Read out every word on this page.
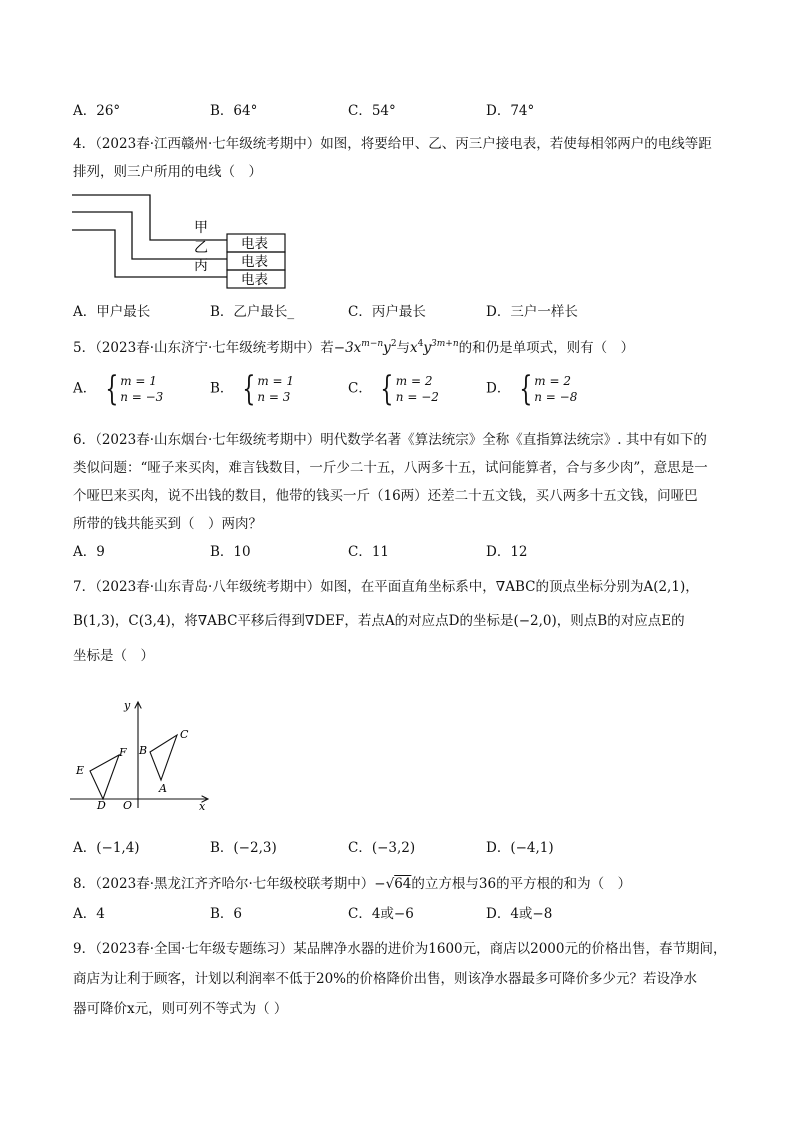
A．26°	B．64°	C．54°	D．74°
4．（2023春·江西赣州·七年级统考期中）如图，将要给甲、乙、丙三户接电表，若使每相邻两户的电线等距
排列，则三户所用的电线（　）
甲
乙
丙
电表
电表
电表
A．甲户最长	B．乙户最长_	C．丙户最长	D．三户一样长
5．（2023春·山东济宁·七年级统考期中）若$-3x^{m-n}y^2$与$x^4y^{3m+n}$的和仍是单项式，则有（　）
A． { m = 1
n = −3
B． { m = 1
n = 3
C． { m = 2
n = −2
D． { m = 2
n = −8
6．（2023春·山东烟台·七年级统考期中）明代数学名著《算法统宗》全称《直指算法统宗》. 其中有如下的
类似问题：“哑子来买肉，难言钱数目，一斤少二十五，八两多十五，试问能算者，合与多少肉”，意思是一
个哑巴来买肉，说不出钱的数目，他带的钱买一斤（16两）还差二十五文钱，买八两多十五文钱，问哑巴
所带的钱共能买到（　）两肉？
A．9	B．10	C．11	D．12
7．（2023春·山东青岛·八年级统考期中）如图，在平面直角坐标系中，∇ABC的顶点坐标分别为A(2,1)，
B(1,3)，C(3,4)，将∇ABC平移后得到∇DEF，若点A的对应点D的坐标是(−2,0)，则点B的对应点E的
坐标是（　）
y
x
O
A
B
C
D
E
F
A．(−1,4)	B．(−2,3)	C．(−3,2)	D．(−4,1)
8．（2023春·黑龙江齐齐哈尔·七年级校联考期中）−√64的立方根与36的平方根的和为（　）
A．4	B．6	C．4或−6	D．4或−8
9．（2023春·全国·七年级专题练习）某品牌净水器的进价为1600元，商店以2000元的价格出售，春节期间，
商店为让利于顾客，计划以利润率不低于20%的价格降价出售，则该净水器最多可降价多少元？若设净水
器可降价x元，则可列不等式为（ ）
